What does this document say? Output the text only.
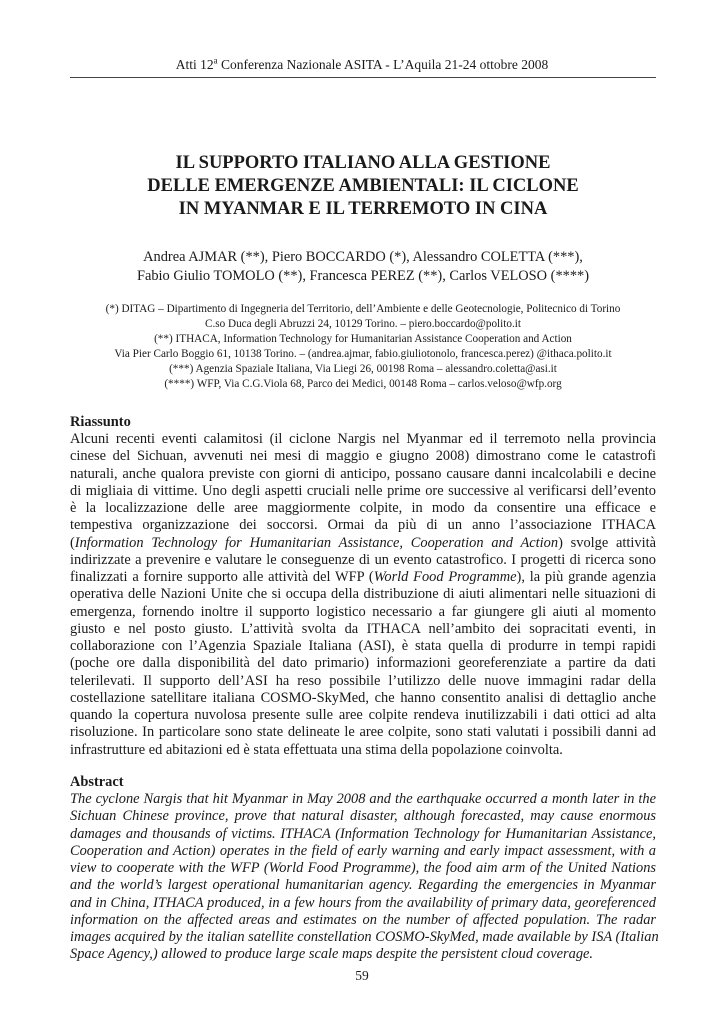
Atti 12$^a$ Conferenza Nazionale ASITA - L’Aquila 21-24 ottobre 2008
IL SUPPORTO ITALIANO ALLA GESTIONE
DELLE EMERGENZE AMBIENTALI: IL CICLONE
IN MYANMAR E IL TERREMOTO IN CINA
Andrea AJMAR (**), Piero BOCCARDO (*), Alessandro COLETTA (***),
Fabio Giulio TOMOLO (**), Francesca PEREZ (**), Carlos VELOSO (****)
(*) DITAG – Dipartimento di Ingegneria del Territorio, dell’Ambiente e delle Geotecnologie, Politecnico di Torino
C.so Duca degli Abruzzi 24, 10129 Torino. – piero.boccardo@polito.it
(**) ITHACA, Information Technology for Humanitarian Assistance Cooperation and Action
Via Pier Carlo Boggio 61, 10138 Torino. – (andrea.ajmar, fabio.giuliotonolo, francesca.perez) @ithaca.polito.it
(***) Agenzia Spaziale Italiana, Via Liegi 26, 00198 Roma – alessandro.coletta@asi.it
(****) WFP, Via C.G.Viola 68, Parco dei Medici, 00148 Roma – carlos.veloso@wfp.org
Riassunto
Alcuni recenti eventi calamitosi (il ciclone Nargis nel Myanmar ed il terremoto nella provincia
cinese del Sichuan, avvenuti nei mesi di maggio e giugno 2008) dimostrano come le catastrofi
naturali, anche qualora previste con giorni di anticipo, possano causare danni incalcolabili e decine
di migliaia di vittime. Uno degli aspetti cruciali nelle prime ore successive al verificarsi dell’evento
è la localizzazione delle aree maggiormente colpite, in modo da consentire una efficace e
tempestiva organizzazione dei soccorsi. Ormai da più di un anno l’associazione ITHACA
(Information Technology for Humanitarian Assistance, Cooperation and Action) svolge attività
indirizzate a prevenire e valutare le conseguenze di un evento catastrofico. I progetti di ricerca sono
finalizzati a fornire supporto alle attività del WFP (World Food Programme), la più grande agenzia
operativa delle Nazioni Unite che si occupa della distribuzione di aiuti alimentari nelle situazioni di
emergenza, fornendo inoltre il supporto logistico necessario a far giungere gli aiuti al momento
giusto e nel posto giusto. L’attività svolta da ITHACA nell’ambito dei sopracitati eventi, in
collaborazione con l’Agenzia Spaziale Italiana (ASI), è stata quella di produrre in tempi rapidi
(poche ore dalla disponibilità del dato primario) informazioni georeferenziate a partire da dati
telerilevati. Il supporto dell’ASI ha reso possibile l’utilizzo delle nuove immagini radar della
costellazione satellitare italiana COSMO-SkyMed, che hanno consentito analisi di dettaglio anche
quando la copertura nuvolosa presente sulle aree colpite rendeva inutilizzabili i dati ottici ad alta
risoluzione. In particolare sono state delineate le aree colpite, sono stati valutati i possibili danni ad
infrastrutture ed abitazioni ed è stata effettuata una stima della popolazione coinvolta.
Abstract
The cyclone Nargis that hit Myanmar in May 2008 and the earthquake occurred a month later in the
Sichuan Chinese province, prove that natural disaster, although forecasted, may cause enormous
damages and thousands of victims. ITHACA (Information Technology for Humanitarian Assistance,
Cooperation and Action) operates in the field of early warning and early impact assessment, with a
view to cooperate with the WFP (World Food Programme), the food aim arm of the United Nations
and the world’s largest operational humanitarian agency. Regarding the emergencies in Myanmar
and in China, ITHACA produced, in a few hours from the availability of primary data, georeferenced
information on the affected areas and estimates on the number of affected population. The radar
images acquired by the italian satellite constellation COSMO-SkyMed, made available by ISA (Italian
Space Agency,) allowed to produce large scale maps despite the persistent cloud coverage.
59
